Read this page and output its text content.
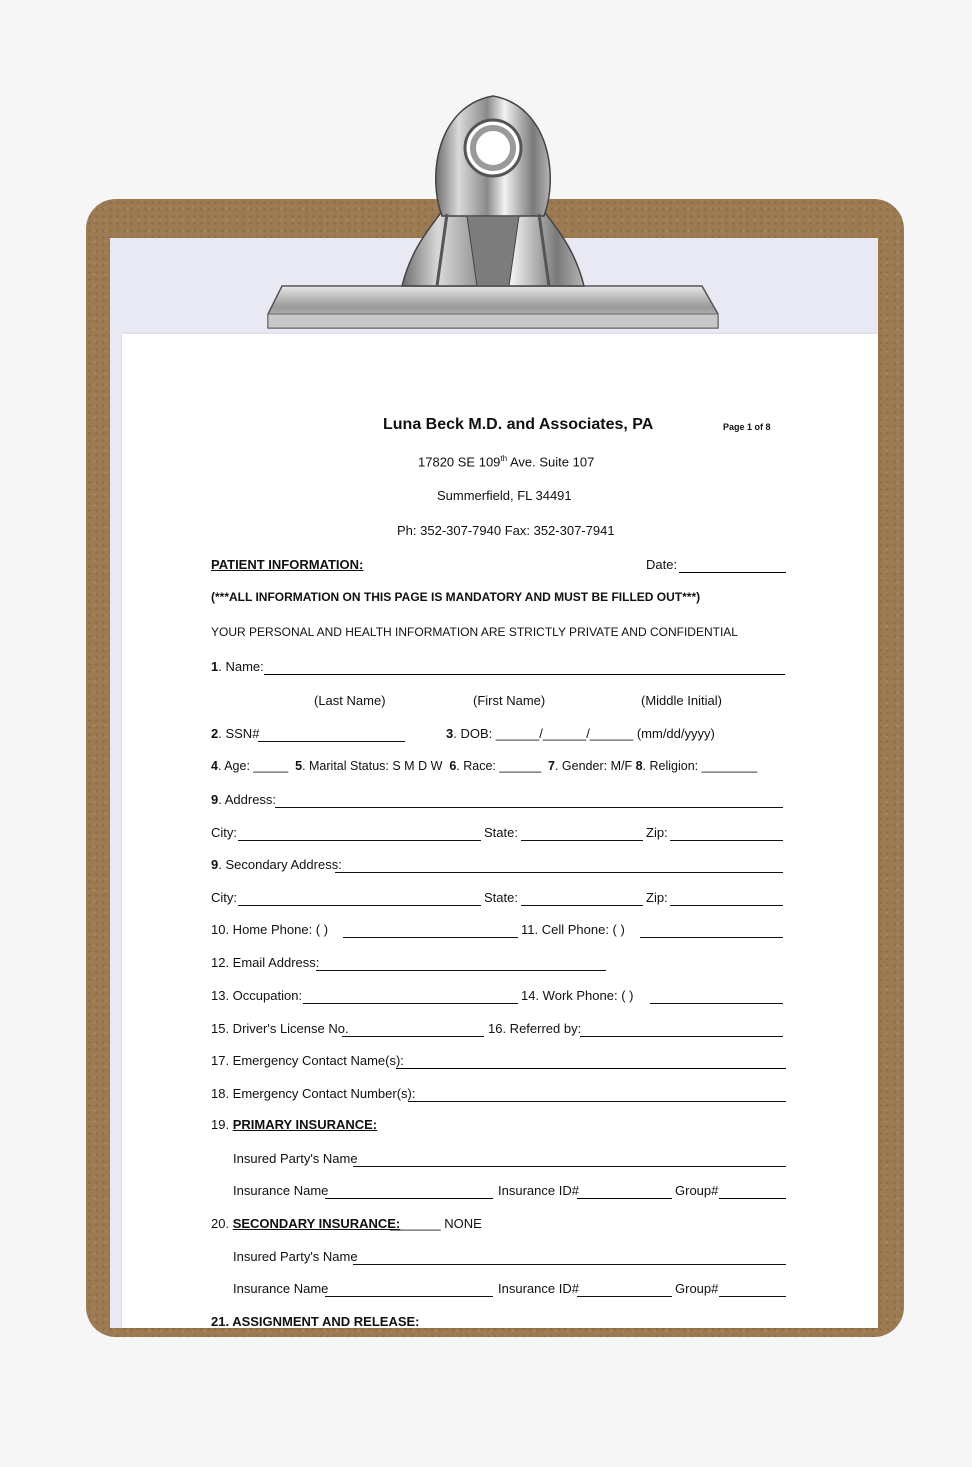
Luna Beck M.D. and Associates, PA	Page 1 of 8
17820 SE 109th Ave. Suite 107
Summerfield, FL 34491
Ph: 352-307-7940 Fax: 352-307-7941
PATIENT INFORMATION:	Date:
(***ALL INFORMATION ON THIS PAGE IS MANDATORY AND MUST BE FILLED OUT***)
YOUR PERSONAL AND HEALTH INFORMATION ARE STRICTLY PRIVATE AND CONFIDENTIAL
1. Name:
(Last Name)	(First Name)	(Middle Initial)
2. SSN#	3. DOB: ______/______/______ (mm/dd/yyyy)
4. Age: _____ 5. Marital Status: S M D W 6. Race: ______ 7. Gender: M/F 8. Religion: ________
9. Address:
City:	State:	Zip:
9. Secondary Address:
City:	State:	Zip:
10. Home Phone: ( )	11. Cell Phone: ( )
12. Email Address:
13. Occupation:	14. Work Phone: ( )
15. Driver's License No.	16. Referred by:
17. Emergency Contact Name(s):
18. Emergency Contact Number(s):
19. PRIMARY INSURANCE:
Insured Party's Name
Insurance Name	Insurance ID#	Group#
20. SECONDARY INSURANCE:
_______ NONE
Insured Party's Name
Insurance Name	Insurance ID#	Group#
21. ASSIGNMENT AND RELEASE:
